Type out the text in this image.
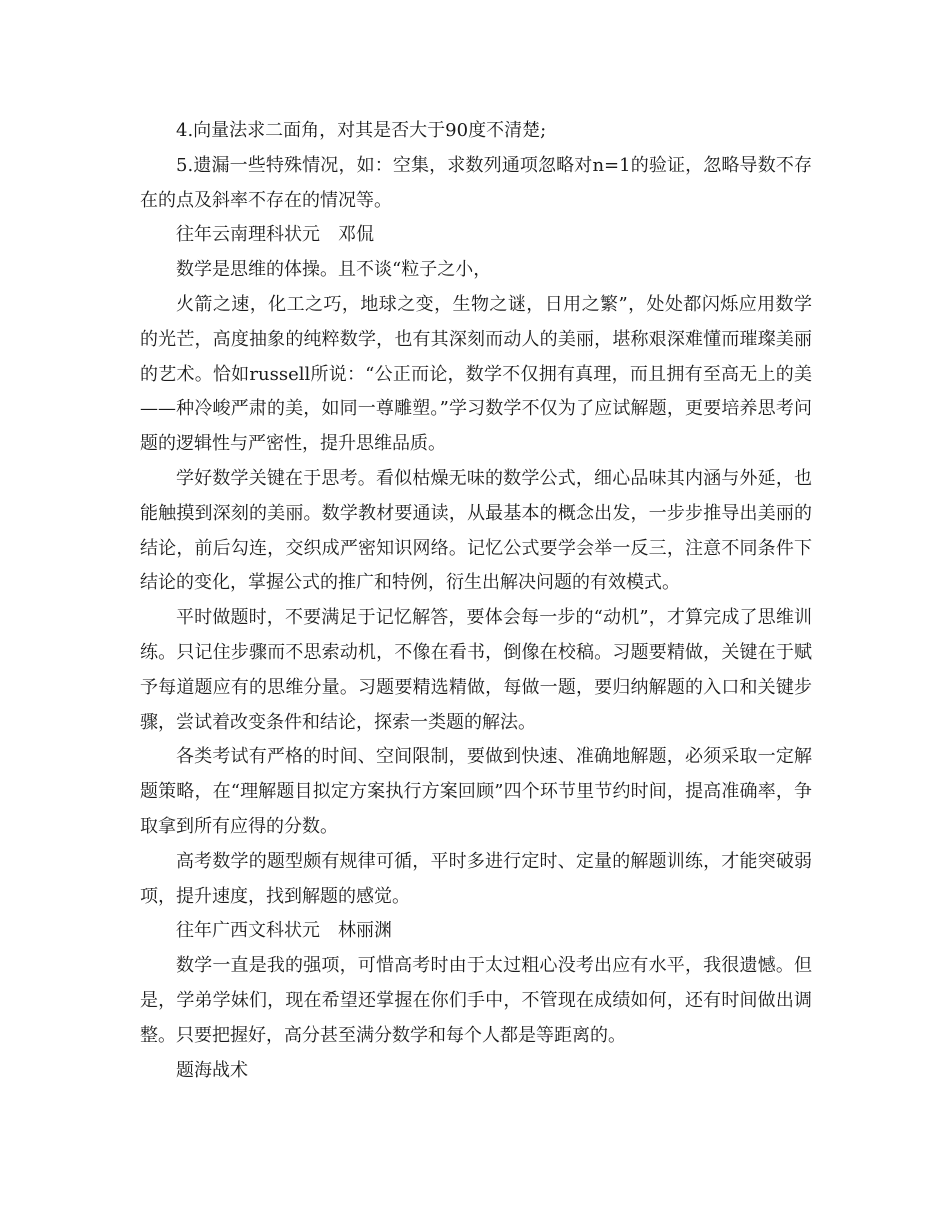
4.向量法求二面角，对其是否大于90度不清楚;

5.遗漏一些特殊情况，如：空集，求数列通项忽略对n=1的验证，忽略导数不存在的点及斜率不存在的情况等。

往年云南理科状元　邓侃

数学是思维的体操。且不谈“粒子之小，

火箭之速，化工之巧，地球之变，生物之谜，日用之繁”，处处都闪烁应用数学的光芒，高度抽象的纯粹数学，也有其深刻而动人的美丽，堪称艰深难懂而璀璨美丽的艺术。恰如russell所说：“公正而论，数学不仅拥有真理，而且拥有至高无上的美——种冷峻严肃的美，如同一尊雕塑。”学习数学不仅为了应试解题，更要培养思考问题的逻辑性与严密性，提升思维品质。

学好数学关键在于思考。看似枯燥无味的数学公式，细心品味其内涵与外延，也能触摸到深刻的美丽。数学教材要通读，从最基本的概念出发，一步步推导出美丽的结论，前后勾连，交织成严密知识网络。记忆公式要学会举一反三，注意不同条件下结论的变化，掌握公式的推广和特例，衍生出解决问题的有效模式。

平时做题时，不要满足于记忆解答，要体会每一步的“动机”，才算完成了思维训练。只记住步骤而不思索动机，不像在看书，倒像在校稿。习题要精做，关键在于赋予每道题应有的思维分量。习题要精选精做，每做一题，要归纳解题的入口和关键步骤，尝试着改变条件和结论，探索一类题的解法。

各类考试有严格的时间、空间限制，要做到快速、准确地解题，必须采取一定解题策略，在“理解题目拟定方案执行方案回顾”四个环节里节约时间，提高准确率，争取拿到所有应得的分数。

高考数学的题型颇有规律可循，平时多进行定时、定量的解题训练，才能突破弱项，提升速度，找到解题的感觉。

往年广西文科状元　林丽渊

数学一直是我的强项，可惜高考时由于太过粗心没考出应有水平，我很遗憾。但是，学弟学妹们，现在希望还掌握在你们手中，不管现在成绩如何，还有时间做出调整。只要把握好，高分甚至满分数学和每个人都是等距离的。

题海战术
